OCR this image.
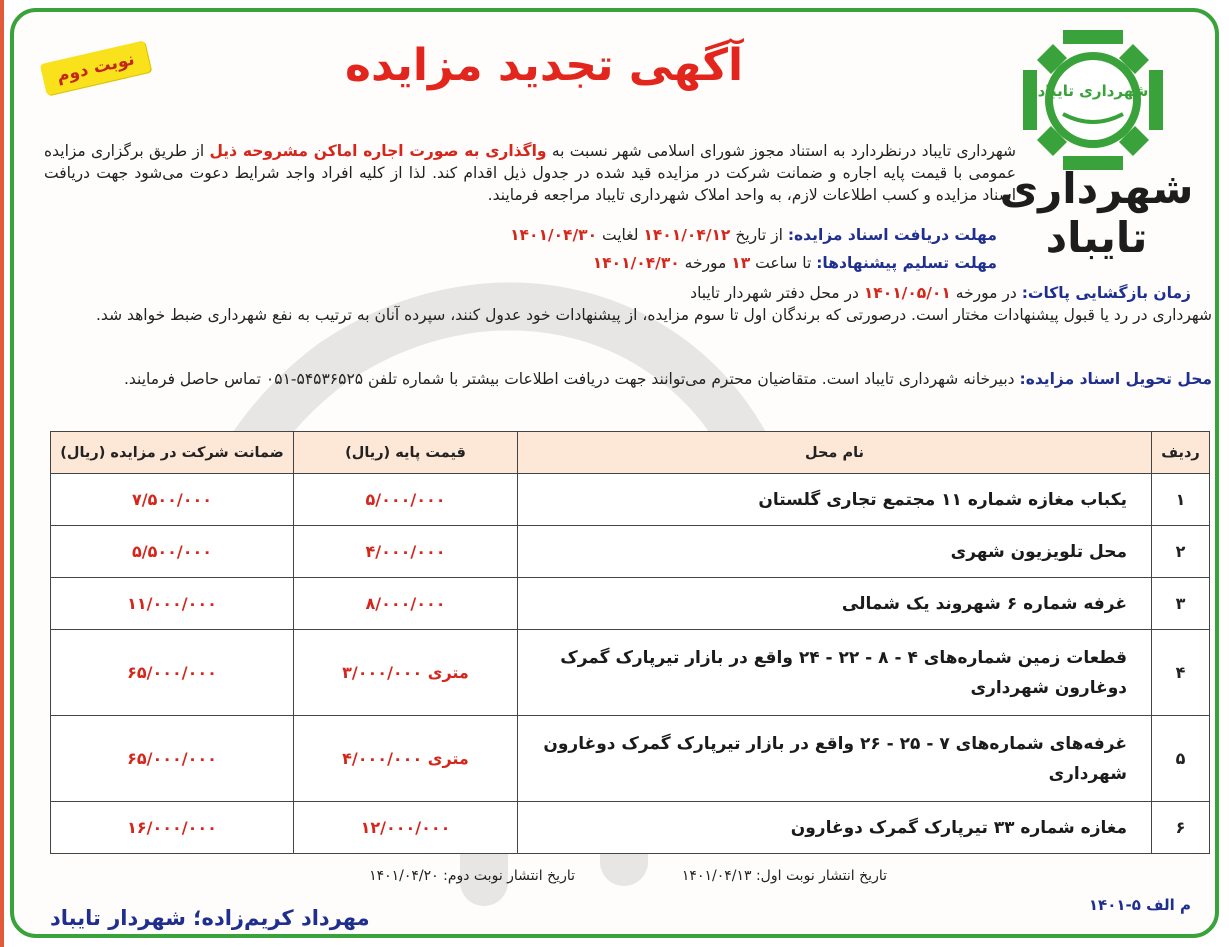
شهرداری تایباد
شهرداری تایباد
نوبت دوم	آگهی تجدید مزایده

شهرداری تایباد درنظردارد به استناد مجوز شورای اسلامی شهر نسبت به واگذاری به صورت اجاره اماکن مشروحه ذیل از طریق برگزاری مزایده عمومی با قیمت پایه اجاره و ضمانت شرکت در مزایده قید شده در جدول ذیل اقدام کند. لذا از کلیه افراد واجد شرایط دعوت می‌شود جهت دریافت اسناد مزایده و کسب اطلاعات لازم، به واحد املاک شهرداری تایباد مراجعه فرمایند.

مهلت دریافت اسناد مزایده: از تاریخ ۱۴۰۱/۰۴/۱۲ لغایت ۱۴۰۱/۰۴/۳۰

مهلت تسلیم پیشنهادها: تا ساعت ۱۳ مورخه ۱۴۰۱/۰۴/۳۰

زمان بازگشایی پاکات: در مورخه ۱۴۰۱/۰۵/۰۱ در محل دفتر شهردار تایباد

شهرداری در رد یا قبول پیشنهادات مختار است. درصورتی که برندگان اول تا سوم مزایده، از پیشنهادات خود عدول کنند، سپرده آنان به ترتیب به نفع شهرداری ضبط خواهد شد.

محل تحویل اسناد مزایده: دبیرخانه شهرداری تایباد است. متقاضیان محترم می‌توانند جهت دریافت اطلاعات بیشتر با شماره تلفن ۵۴۵۳۶۵۲۵-۰۵۱ تماس حاصل فرمایند.

ردیف	نام محل	قیمت پایه (ریال)	ضمانت شرکت در مزایده (ریال)
۱	یکباب مغازه شماره ۱۱ مجتمع تجاری گلستان	۵/۰۰۰/۰۰۰	۷/۵۰۰/۰۰۰
۲	محل تلویزیون شهری	۴/۰۰۰/۰۰۰	۵/۵۰۰/۰۰۰
۳	غرفه شماره ۶ شهروند یک شمالی	۸/۰۰۰/۰۰۰	۱۱/۰۰۰/۰۰۰
۴	قطعات زمین شماره‌های ۴ - ۸ - ۲۲ - ۲۴ واقع در بازار تیرپارک گمرک دوغارون شهرداری	متری ۳/۰۰۰/۰۰۰	۶۵/۰۰۰/۰۰۰
۵	غرفه‌های شماره‌های ۷ - ۲۵ - ۲۶ واقع در بازار تیرپارک گمرک دوغارون شهرداری	متری ۴/۰۰۰/۰۰۰	۶۵/۰۰۰/۰۰۰
۶	مغازه شماره ۳۳ تیرپارک گمرک دوغارون	۱۲/۰۰۰/۰۰۰	۱۶/۰۰۰/۰۰۰
تاریخ انتشار نوبت اول: ۱۴۰۱/۰۴/۱۳
تاریخ انتشار نوبت دوم: ۱۴۰۱/۰۴/۲۰
م الف ۵-۱۴۰۱
مهرداد کریم‌زاده؛ شهردار تایباد
